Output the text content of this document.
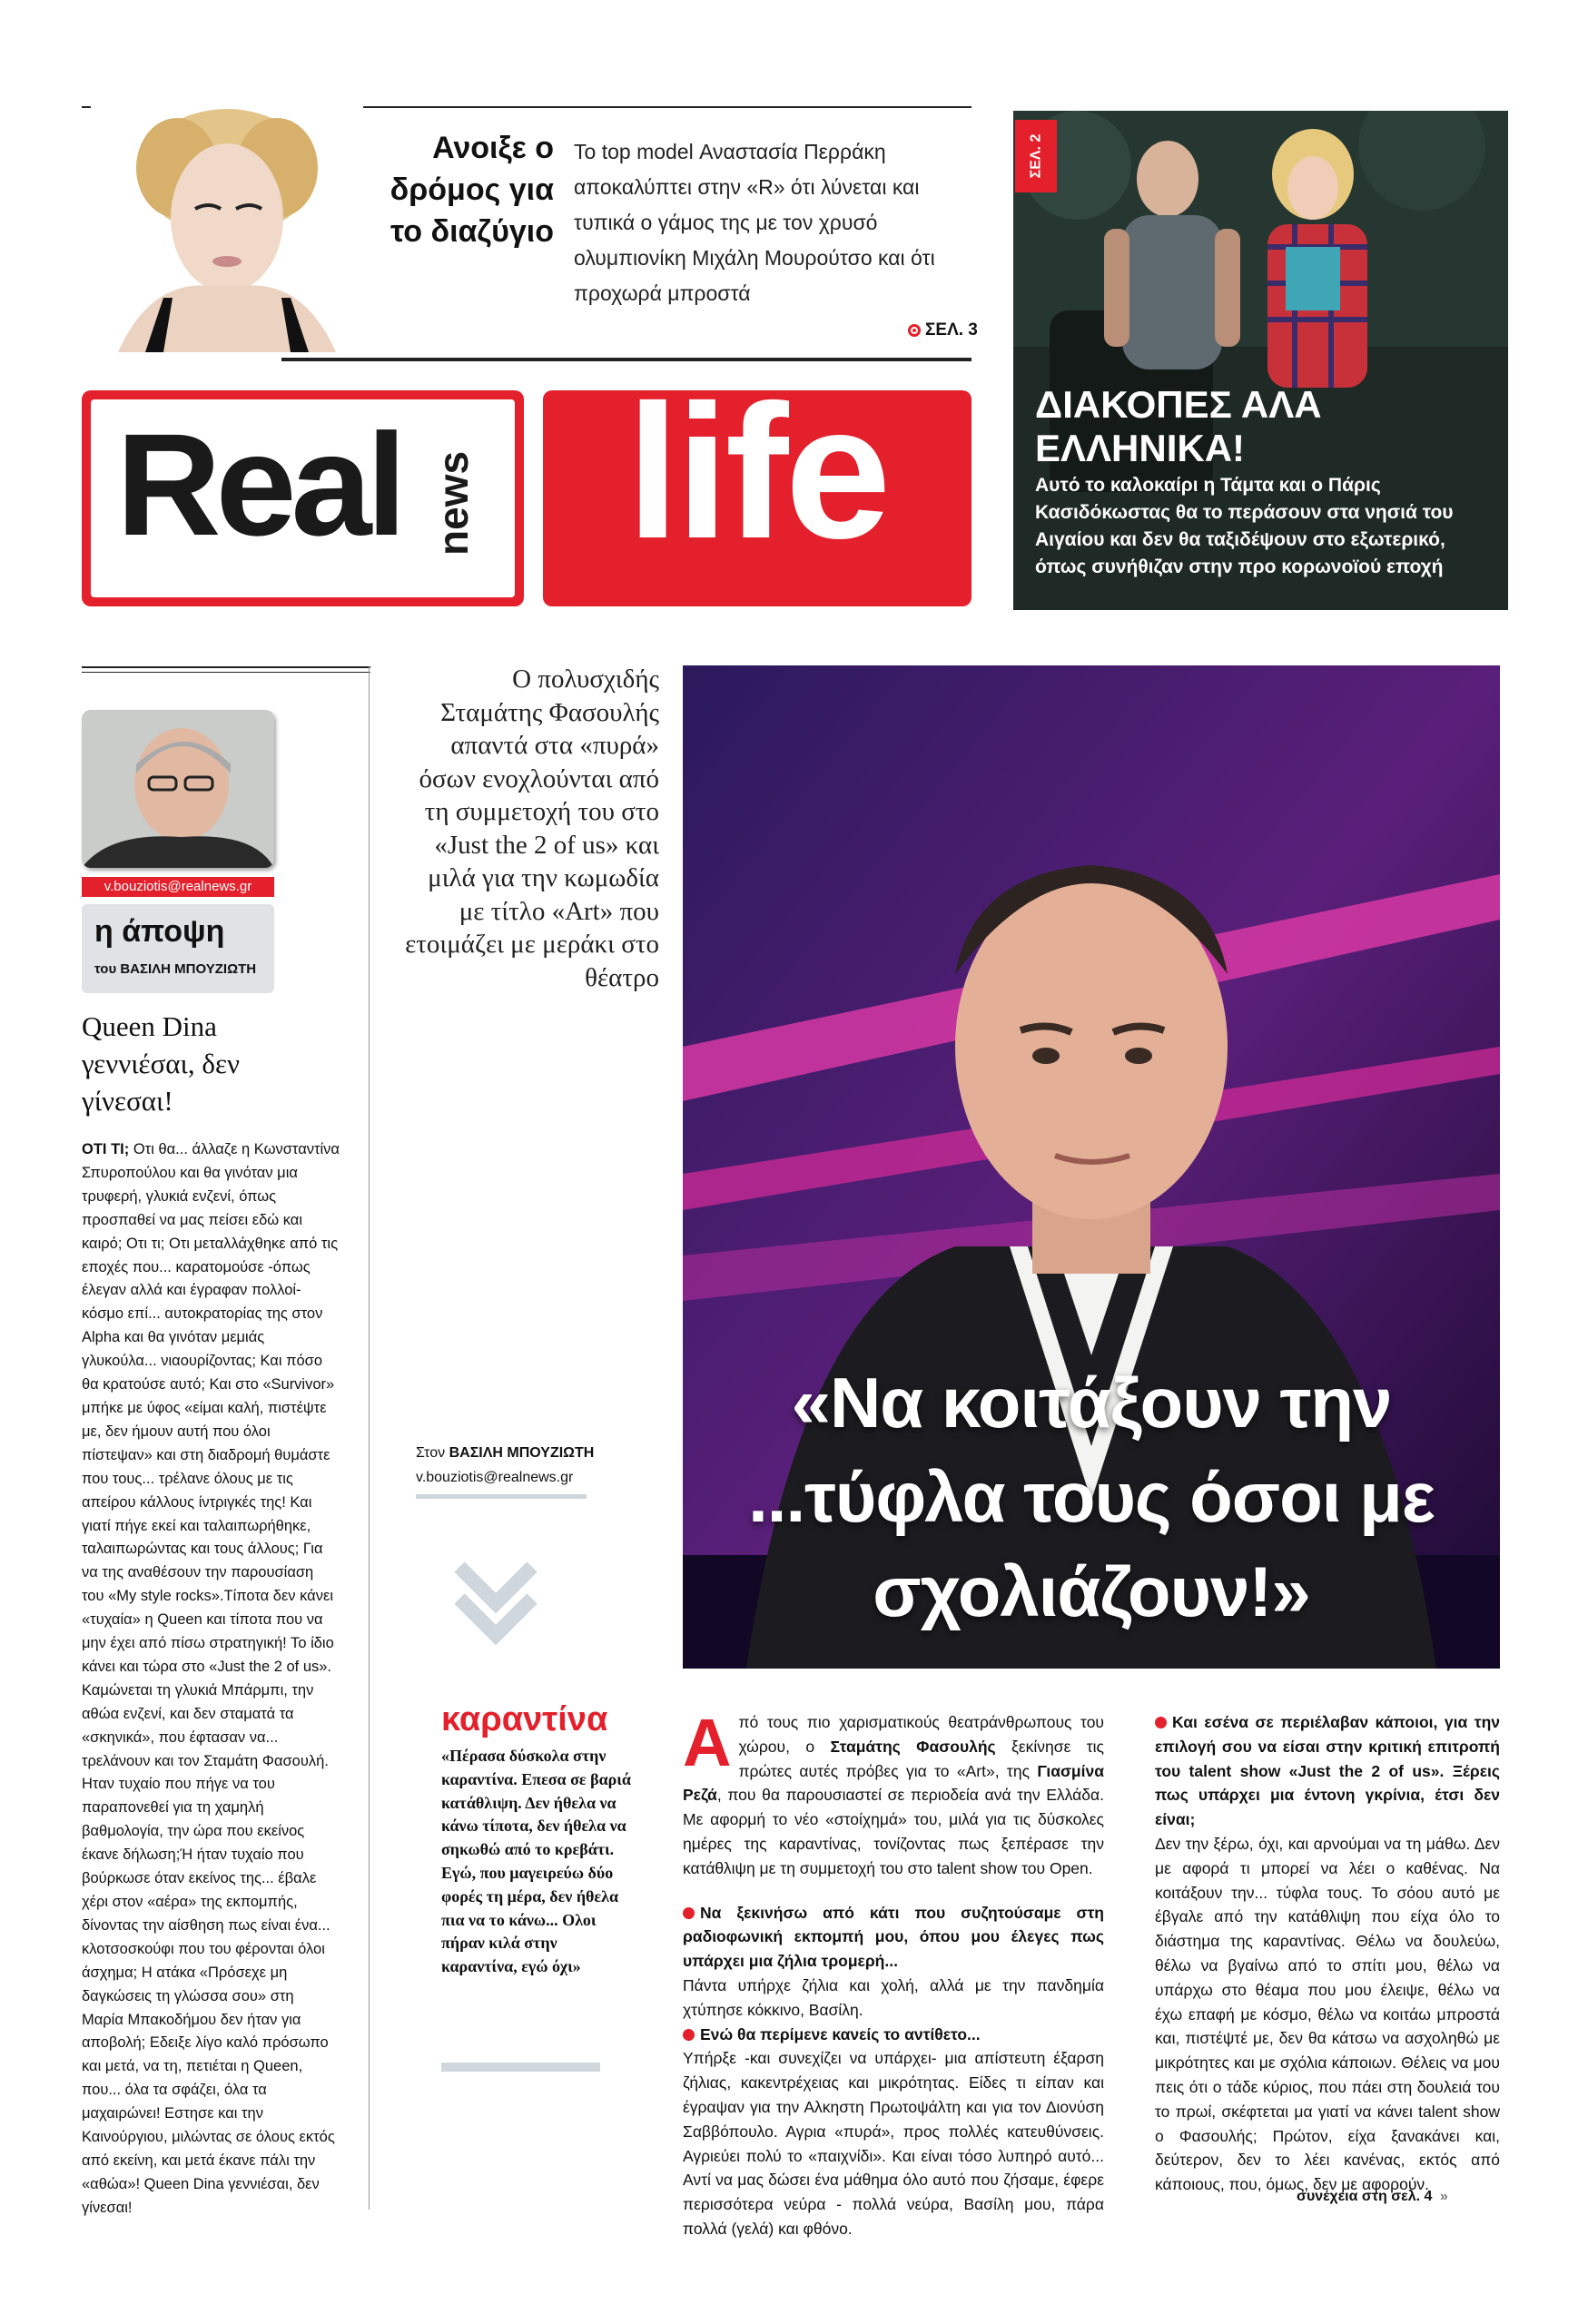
Ανοιξε ο δρόμος για το διαζύγιο
Το top model Αναστασία Περράκη αποκαλύπτει στην «R» ότι λύνεται και τυπικά ο γάμος της με τον χρυσό ολυμπιονίκη Μιχάλη Μουρούτσο και ότι προχωρά μπροστά
ΣΕΛ. 3
Real news life
ΣΕΛ. 2
ΔΙΑΚΟΠΕΣ ΑΛΑ ΕΛΛΗΝΙΚΑ!
Αυτό το καλοκαίρι η Τάμτα και ο Πάρις Κασιδόκωστας θα το περάσουν στα νησιά του Αιγαίου και δεν θα ταξιδέψουν στο εξωτερικό, όπως συνήθιζαν στην προ κορωνοϊού εποχή
v.bouziotis@realnews.gr
η άποψη
του ΒΑΣΙΛΗ ΜΠΟΥΖΙΩΤΗ
Queen Dina γεννιέσαι, δεν γίνεσαι!
ΟΤΙ ΤΙ; Οτι θα... άλλαζε η Κωνσταντίνα Σπυροπούλου και θα γινόταν μια τρυφερή, γλυκιά ενζενί, όπως προσπαθεί να μας πείσει εδώ και καιρό; Οτι τι; Οτι μεταλλάχθηκε από τις εποχές που... καρατομούσε -όπως έλεγαν αλλά και έγραφαν πολλοί- κόσμο επί... αυτοκρατορίας της στον Alpha και θα γινόταν μεμιάς γλυκούλα... νιαουρίζοντας; Και πόσο θα κρατούσε αυτό; Και στο «Survivor» μπήκε με ύφος «είμαι καλή, πιστέψτε με, δεν ήμουν αυτή που όλοι πίστεψαν» και στη διαδρομή θυμάστε που τους... τρέλανε όλους με τις απείρου κάλλους ίντριγκές της! Και γιατί πήγε εκεί και ταλαιπωρήθηκε, ταλαιπωρώντας και τους άλλους; Για να της αναθέσουν την παρουσίαση του «My style rocks».Τίποτα δεν κάνει «τυχαία» η Queen και τίποτα που να μην έχει από πίσω στρατηγική! Το ίδιο κάνει και τώρα στο «Just the 2 of us». Καμώνεται τη γλυκιά Μπάρμπι, την αθώα ενζενί, και δεν σταματά τα «σκηνικά», που έφτασαν να... τρελάνουν και τον Σταμάτη Φασουλή. Ηταν τυχαίο που πήγε να του παραπονεθεί για τη χαμηλή βαθμολογία, την ώρα που εκείνος έκανε δήλωση;Ή ήταν τυχαίο που βούρκωσε όταν εκείνος της... έβαλε χέρι στον «αέρα» της εκπομπής, δίνοντας την αίσθηση πως είναι ένα... κλοτσοσκούφι που του φέρονται όλοι άσχημα; Η ατάκα «Πρόσεχε μη δαγκώσεις τη γλώσσα σου» στη Μαρία Μπακοδήμου δεν ήταν για αποβολή; Εδειξε λίγο καλό πρόσωπο και μετά, να τη, πετιέται η Queen, που... όλα τα σφάζει, όλα τα μαχαιρώνει! Εστησε και την Καινούργιου, μιλώντας σε όλους εκτός από εκείνη, και μετά έκανε πάλι την «αθώα»! Queen Dina γεννιέσαι, δεν γίνεσαι!
Ο πολυσχιδής Σταμάτης Φασουλής απαντά στα «πυρά» όσων ενοχλούνται από τη συμμετοχή του στο «Just the 2 of us» και μιλά για την κωμωδία με τίτλο «Art» που ετοιμάζει με μεράκι στο θέατρο
Στον ΒΑΣΙΛΗ ΜΠΟΥΖΙΩΤΗ
v.bouziotis@realnews.gr
καραντίνα
«Πέρασα δύσκολα στην καραντίνα. Επεσα σε βαριά κατάθλιψη. Δεν ήθελα να κάνω τίποτα, δεν ήθελα να σηκωθώ από το κρεβάτι. Εγώ, που μαγειρεύω δύο φορές τη μέρα, δεν ήθελα πια να το κάνω... Ολοι πήραν κιλά στην καραντίνα, εγώ όχι»
«Να κοιτάξουν την ...τύφλα τους όσοι με σχολιάζουν!»
Α πό τους πιο χαρισματικούς θεατράνθρωπους του χώρου, ο Σταμάτης Φασουλής ξεκίνησε τις πρώτες αυτές πρόβες για το «Art», της Γιασμίνα Ρεζά, που θα παρουσιαστεί σε περιοδεία ανά την Ελλάδα. Με αφορμή το νέο «στοίχημά» του, μιλά για τις δύσκολες ημέρες της καραντίνας, τονίζοντας πως ξεπέρασε την κατάθλιψη με τη συμμετοχή του στο talent show του Open.
Να ξεκινήσω από κάτι που συζητούσαμε στη ραδιοφωνική εκπομπή μου, όπου μου έλεγες πως υπάρχει μια ζήλια τρομερή...
Πάντα υπήρχε ζήλια και χολή, αλλά με την πανδημία χτύπησε κόκκινο, Βασίλη.
Ενώ θα περίμενε κανείς το αντίθετο...
Υπήρξε -και συνεχίζει να υπάρχει- μια απίστευτη έξαρση ζήλιας, κακεντρέχειας και μικρότητας. Είδες τι είπαν και έγραψαν για την Αλκηστη Πρωτοψάλτη και για τον Διονύση Σαββόπουλο. Αγρια «πυρά», προς πολλές κατευθύνσεις. Αγριεύει πολύ το «παιχνίδι». Και είναι τόσο λυπηρό αυτό... Αντί να μας δώσει ένα μάθημα όλο αυτό που ζήσαμε, έφερε περισσότερα νεύρα - πολλά νεύρα, Βασίλη μου, πάρα πολλά (γελά) και φθόνο.
Και εσένα σε περιέλαβαν κάποιοι, για την επιλογή σου να είσαι στην κριτική επιτροπή του talent show «Just the 2 of us». Ξέρεις πως υπάρχει μια έντονη γκρίνια, έτσι δεν είναι;
Δεν την ξέρω, όχι, και αρνούμαι να τη μάθω. Δεν με αφορά τι μπορεί να λέει ο καθένας. Να κοιτάξουν την... τύφλα τους. Το σόου αυτό με έβγαλε από την κατάθλιψη που είχα όλο το διάστημα της καραντίνας. Θέλω να δουλεύω, θέλω να βγαίνω από το σπίτι μου, θέλω να υπάρχω στο θέαμα που μου έλειψε, θέλω να έχω επαφή με κόσμο, θέλω να κοιτάω μπροστά και, πιστέψτέ με, δεν θα κάτσω να ασχοληθώ με μικρότητες και με σχόλια κάποιων. Θέλεις να μου πεις ότι ο τάδε κύριος, που πάει στη δουλειά του το πρωί, σκέφτεται μα γιατί να κάνει talent show ο Φασουλής; Πρώτον, είχα ξανακάνει και, δεύτερον, δεν το λέει κανένας, εκτός από κάποιους, που, όμως, δεν με αφορούν.
συνέχεια στη σελ. 4 »
